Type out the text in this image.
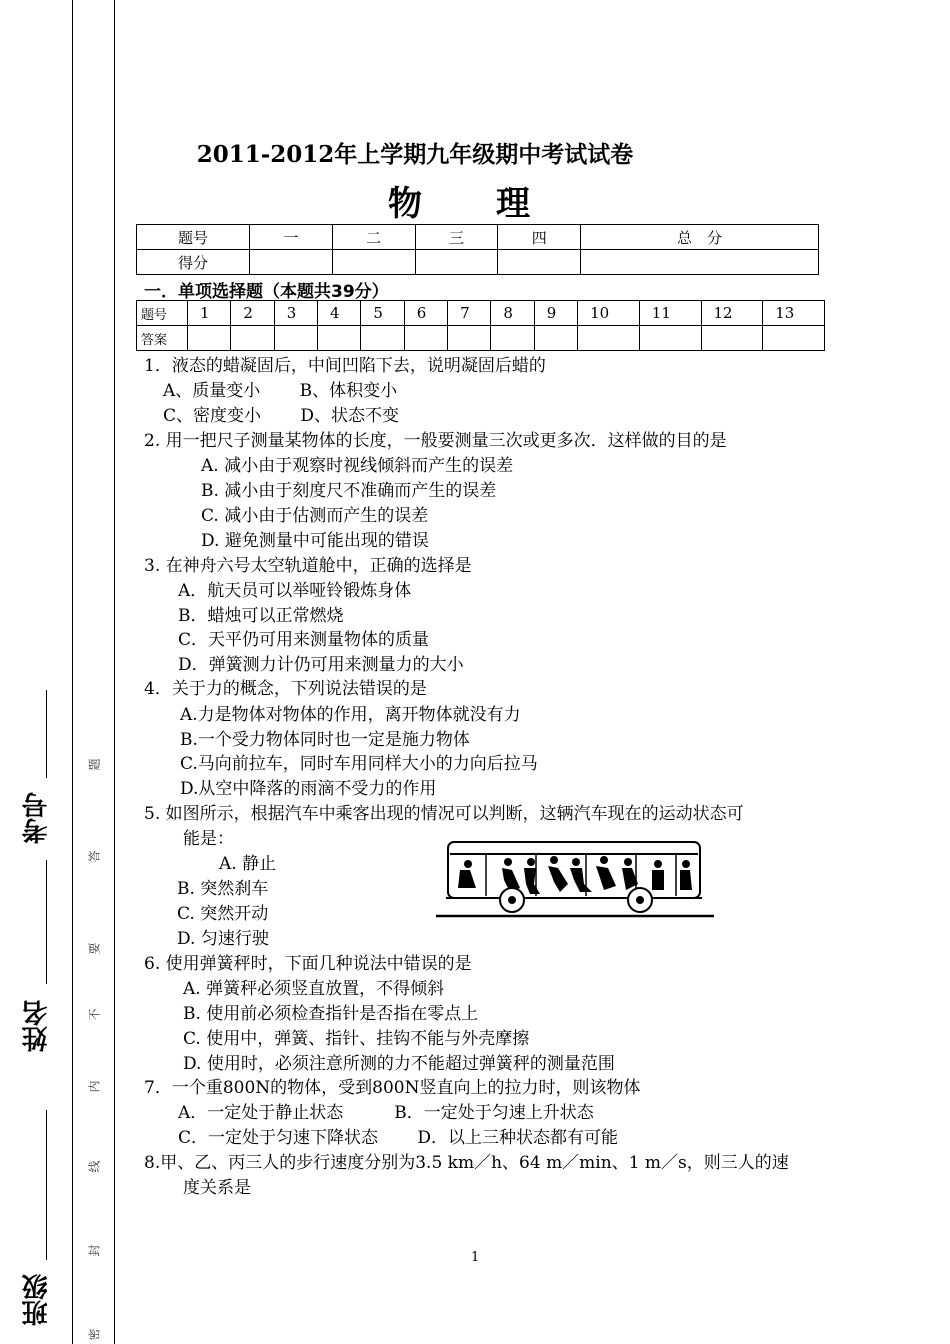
班级
姓名
考号
题
答
要
不
内
线
封
密
2011-2012年上学期九年级期中考试试卷
物理
题号	一	二	三	四	总　分
得分					
一．单项选择题（本题共39分）
题号	1	2	3	4	5	6	7	8	9	10	11	12	13
答案													
1．液态的蜡凝固后，中间凹陷下去，说明凝固后蜡的
A、质量变小　　 B、体积变小
C、密度变小　　 D、状态不变
2. 用一把尺子测量某物体的长度，一般要测量三次或更多次．这样做的目的是
A. 减小由于观察时视线倾斜而产生的误差
B. 减小由于刻度尺不准确而产生的误差
C. 减小由于估测而产生的误差
D. 避免测量中可能出现的错误
3. 在神舟六号太空轨道舱中，正确的选择是
A．航天员可以举哑铃锻炼身体
B．蜡烛可以正常燃烧
C．天平仍可用来测量物体的质量
D．弹簧测力计仍可用来测量力的大小
4．关于力的概念，下列说法错误的是
A.力是物体对物体的作用，离开物体就没有力
B.一个受力物体同时也一定是施力物体
C.马向前拉车，同时车用同样大小的力向后拉马
D.从空中降落的雨滴不受力的作用
5. 如图所示，根据汽车中乘客出现的情况可以判断，这辆汽车现在的运动状态可
能是：
A. 静止
B. 突然刹车
C. 突然开动
D. 匀速行驶
6. 使用弹簧秤时，下面几种说法中错误的是
A. 弹簧秤必须竖直放置，不得倾斜
B. 使用前必须检查指针是否指在零点上
C. 使用中，弹簧、指针、挂钩不能与外壳摩擦
D. 使用时，必须注意所测的力不能超过弹簧秤的测量范围
7．一个重800N的物体，受到800N竖直向上的拉力时，则该物体
A．一定处于静止状态　　　B．一定处于匀速上升状态
C．一定处于匀速下降状态　　 D．以上三种状态都有可能
8.甲、乙、丙三人的步行速度分别为3.5 km／h、64 m／min、1 m／s，则三人的速
度关系是
1
